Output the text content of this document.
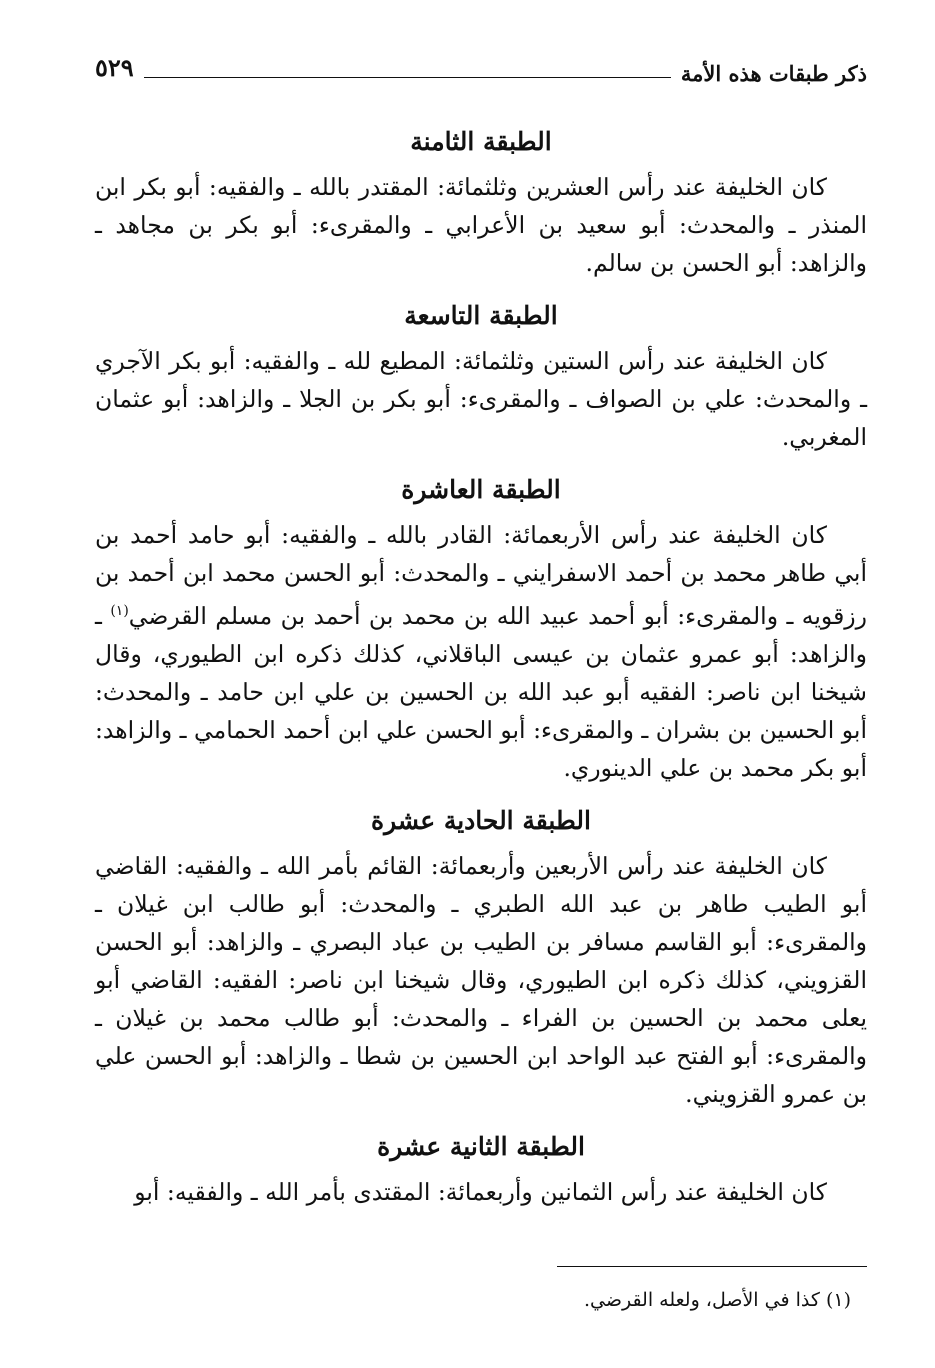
ذكر طبقات هذه الأمة
٥٢٩
الطبقة الثامنة

كان الخليفة عند رأس العشرين وثلثمائة: المقتدر بالله ـ والفقيه: أبو بكر ابن المنذر ـ والمحدث: أبو سعيد بن الأعرابي ـ والمقرىء: أبو بكر بن مجاهد ـ والزاهد: أبو الحسن بن سالم.

الطبقة التاسعة

كان الخليفة عند رأس الستين وثلثمائة: المطيع لله ـ والفقيه: أبو بكر الآجري ـ والمحدث: علي بن الصواف ـ والمقرىء: أبو بكر بن الجلا ـ والزاهد: أبو عثمان المغربي.

الطبقة العاشرة

كان الخليفة عند رأس الأربعمائة: القادر بالله ـ والفقيه: أبو حامد أحمد بن أبي طاهر محمد بن أحمد الاسفرايني ـ والمحدث: أبو الحسن محمد ابن أحمد بن رزقويه ـ والمقرىء: أبو أحمد عبيد الله بن محمد بن أحمد بن مسلم القرضي$^{(١)}$ ـ والزاهد: أبو عمرو عثمان بن عيسى الباقلاني، كذلك ذكره ابن الطيوري، وقال شيخنا ابن ناصر: الفقيه أبو عبد الله بن الحسين بن علي ابن حامد ـ والمحدث: أبو الحسين بن بشران ـ والمقرىء: أبو الحسن علي ابن أحمد الحمامي ـ والزاهد: أبو بكر محمد بن علي الدينوري.

الطبقة الحادية عشرة

كان الخليفة عند رأس الأربعين وأربعمائة: القائم بأمر الله ـ والفقيه: القاضي أبو الطيب طاهر بن عبد الله الطبري ـ والمحدث: أبو طالب ابن غيلان ـ والمقرىء: أبو القاسم مسافر بن الطيب بن عباد البصري ـ والزاهد: أبو الحسن القزويني، كذلك ذكره ابن الطيوري، وقال شيخنا ابن ناصر: الفقيه: القاضي أبو يعلى محمد بن الحسين بن الفراء ـ والمحدث: أبو طالب محمد بن غيلان ـ والمقرىء: أبو الفتح عبد الواحد ابن الحسين بن شطا ـ والزاهد: أبو الحسن علي بن عمرو القزويني.

الطبقة الثانية عشرة

كان الخليفة عند رأس الثمانين وأربعمائة: المقتدى بأمر الله ـ والفقيه: أبو

(١) كذا في الأصل، ولعله القرضي.
